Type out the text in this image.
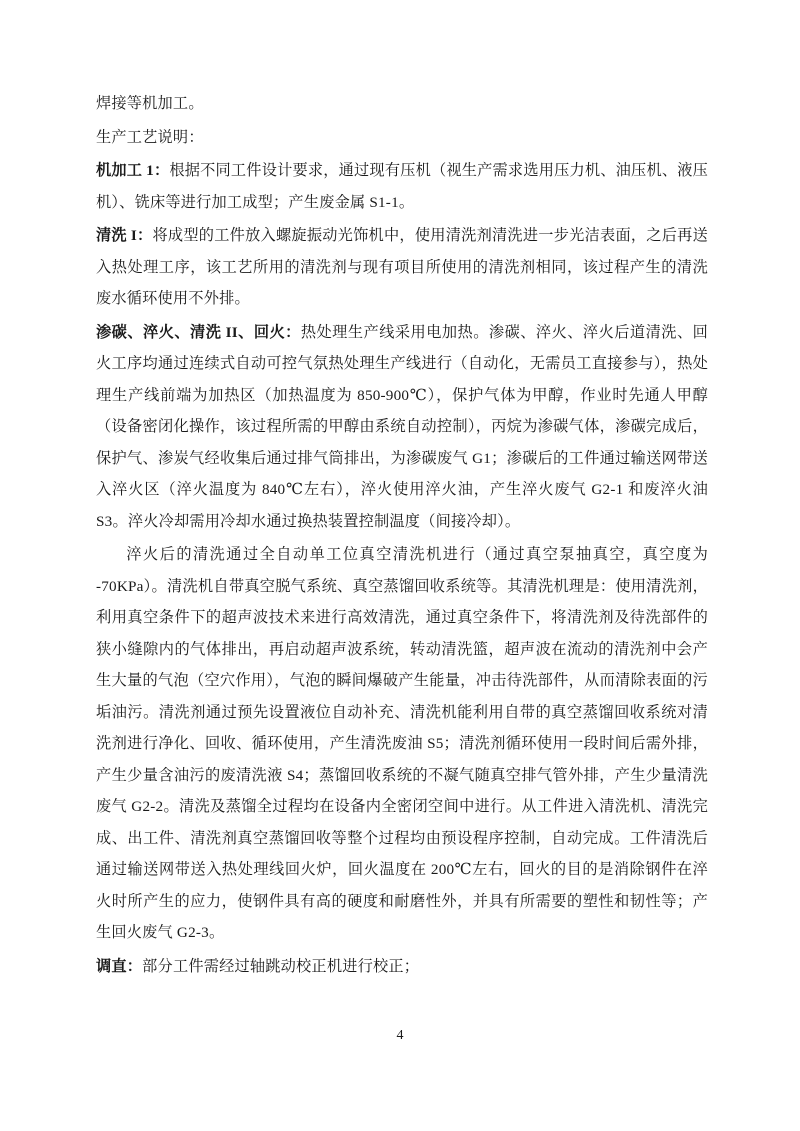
焊接等机加工。

生产工艺说明：

机加工 1：根据不同工件设计要求，通过现有压机（视生产需求选用压力机、油压机、液压机）、铣床等进行加工成型；产生废金属 S1-1。

清洗 I：将成型的工件放入螺旋振动光饰机中，使用清洗剂清洗进一步光洁表面，之后再送入热处理工序，该工艺所用的清洗剂与现有项目所使用的清洗剂相同，该过程产生的清洗废水循环使用不外排。

渗碳、淬火、清洗 II、回火：热处理生产线采用电加热。渗碳、淬火、淬火后道清洗、回火工序均通过连续式自动可控气氛热处理生产线进行（自动化，无需员工直接参与），热处理生产线前端为加热区（加热温度为 850-900℃），保护气体为甲醇，作业时先通人甲醇（设备密闭化操作，该过程所需的甲醇由系统自动控制），丙烷为渗碳气体，渗碳完成后，保护气、渗炭气经收集后通过排气筒排出，为渗碳废气 G1；渗碳后的工件通过输送网带送入淬火区（淬火温度为 840℃左右），淬火使用淬火油，产生淬火废气 G2-1 和废淬火油 S3。淬火冷却需用冷却水通过换热装置控制温度（间接冷却）。

淬火后的清洗通过全自动单工位真空清洗机进行（通过真空泵抽真空，真空度为 -70KPa）。清洗机自带真空脱气系统、真空蒸馏回收系统等。其清洗机理是：使用清洗剂，利用真空条件下的超声波技术来进行高效清洗，通过真空条件下，将清洗剂及待洗部件的狭小缝隙内的气体排出，再启动超声波系统，转动清洗篮，超声波在流动的清洗剂中会产生大量的气泡（空穴作用），气泡的瞬间爆破产生能量，冲击待洗部件，从而清除表面的污垢油污。清洗剂通过预先设置液位自动补充、清洗机能利用自带的真空蒸馏回收系统对清洗剂进行净化、回收、循环使用，产生清洗废油 S5；清洗剂循环使用一段时间后需外排，产生少量含油污的废清洗液 S4；蒸馏回收系统的不凝气随真空排气管外排，产生少量清洗废气 G2-2。清洗及蒸馏全过程均在设备内全密闭空间中进行。从工件进入清洗机、清洗完成、出工件、清洗剂真空蒸馏回收等整个过程均由预设程序控制，自动完成。工件清洗后通过输送网带送入热处理线回火炉，回火温度在 200℃左右，回火的目的是消除钢件在淬火时所产生的应力，使钢件具有高的硬度和耐磨性外，并具有所需要的塑性和韧性等；产生回火废气 G2-3。

调直：部分工件需经过轴跳动校正机进行校正；

4
